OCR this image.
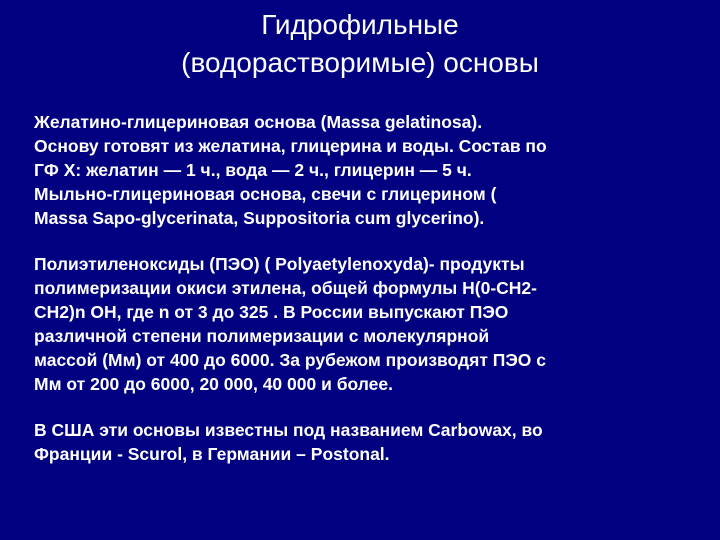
Гидрофильные
(водорастворимые) основы

Желатино-глицериновая основа (Massa gelatinosa).
Основу готовят из желатина, глицерина и воды. Состав по
ГФ X: желатин — 1 ч., вода — 2 ч., глицерин — 5 ч.
Мыльно-глицериновая основа, свечи с глицерином (
Massa Sapo-glycerinata, Suppositoria cum glycerino).

Полиэтиленоксиды (ПЭО) ( Polyaetylenoxyda)- продукты
полимеризации окиси этилена, общей формулы Н(0-СН2-
СН2)n ОН, где n от 3 до 325 . В России выпускают ПЭО
различной степени полимеризации с молекулярной
массой (Мм) от 400 до 6000. За рубежом производят ПЭО с
Мм от 200 до 6000, 20 000, 40 000 и более.

В США эти основы известны под названием Carbowax, во
Франции - Scurol, в Германии – Postonal.
